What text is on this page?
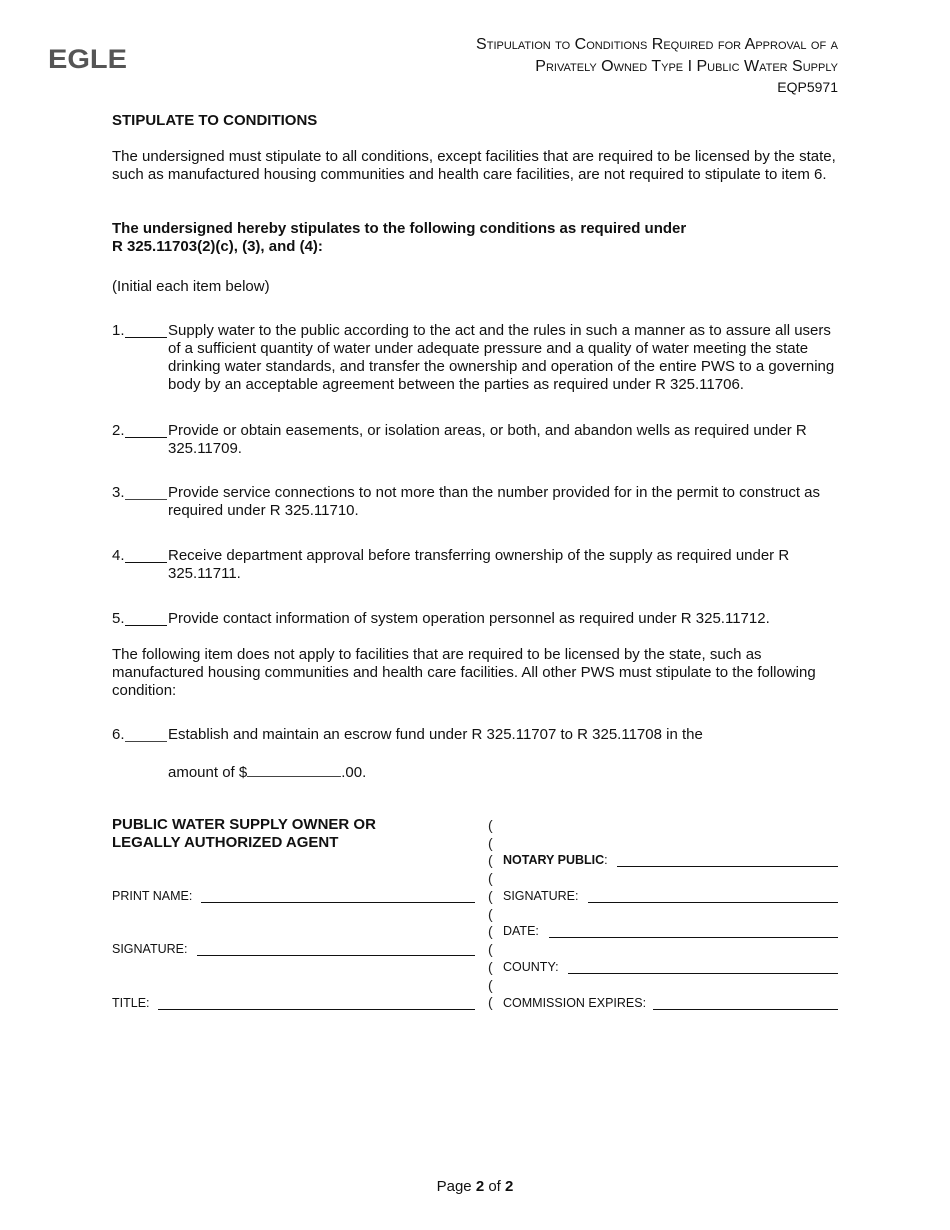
EGLE	Stipulation to Conditions Required for Approval of a
Privately Owned Type I Public Water Supply
EQP5971
STIPULATE TO CONDITIONS
The undersigned must stipulate to all conditions, except facilities that are required to be licensed by the state, such as manufactured housing communities and health care facilities, are not required to stipulate to item 6.
The undersigned hereby stipulates to the following conditions as required under
R 325.11703(2)(c), (3), and (4):
(Initial each item below)
1.	Supply water to the public according to the act and the rules in such a manner as to assure all users of a sufficient quantity of water under adequate pressure and a quality of water meeting the state drinking water standards, and transfer the ownership and operation of the entire PWS to a governing body by an acceptable agreement between the parties as required under R 325.11706.
2.	Provide or obtain easements, or isolation areas, or both, and abandon wells as required under R 325.11709.
3.	Provide service connections to not more than the number provided for in the permit to construct as required under R 325.11710.
4.	Receive department approval before transferring ownership of the supply as required under R 325.11711.
5.	Provide contact information of system operation personnel as required under R 325.11712.
The following item does not apply to facilities that are required to be licensed by the state, such as manufactured housing communities and health care facilities. All other PWS must stipulate to the following condition:
6.	Establish and maintain an escrow fund under R 325.11707 to R 325.11708 in the
amount of $	.00.
PUBLIC WATER SUPPLY OWNER OR
LEGALLY AUTHORIZED AGENT
PRINT NAME:
SIGNATURE:
TITLE:
(
(
(
(
(
(
(
(
(
(
(
NOTARY PUBLIC:
SIGNATURE:
DATE:
COUNTY:
COMMISSION EXPIRES:
Page 2 of 2
